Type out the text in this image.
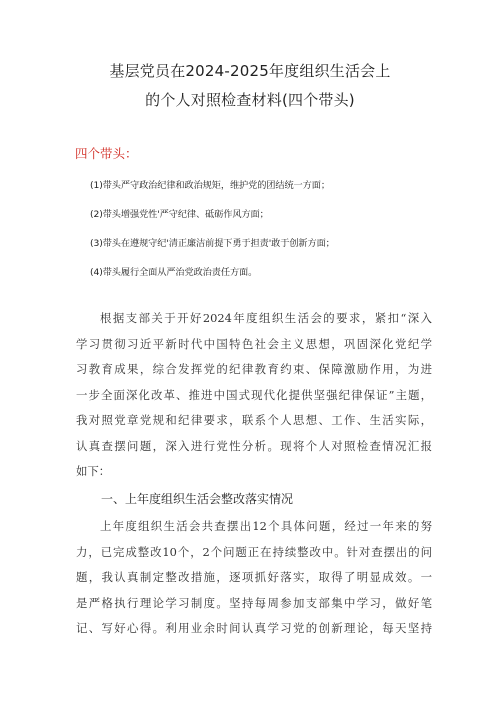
基层党员在2024-2025年度组织生活会上
的个人对照检查材料(四个带头)
四个带头：
(1)带头严守政治纪律和政治规矩，维护党的团结统一方面；
(2)带头增强党性'严守纪律、砥砺作风方面；
(3)带头在遵规守纪'清正廉洁前提下勇于担责'敢于创新方面；
(4)带头履行全面从严治党政治责任方面。
根据支部关于开好2024年度组织生活会的要求，紧扣“深入
学习贯彻习近平新时代中国特色社会主义思想，巩固深化党纪学
习教育成果，综合发挥党的纪律教育约束、保障激励作用，为进
一步全面深化改革、推进中国式现代化提供坚强纪律保证”主题，
我对照党章党规和纪律要求，联系个人思想、工作、生活实际，
认真查摆问题，深入进行党性分析。现将个人对照检查情况汇报
如下：
一、上年度组织生活会整改落实情况
上年度组织生活会共查摆出12个具体问题，经过一年来的努
力，已完成整改10个，2个问题正在持续整改中。针对查摆出的问
题，我认真制定整改措施，逐项抓好落实，取得了明显成效。一
是严格执行理论学习制度。坚持每周参加支部集中学习，做好笔
记、写好心得。利用业余时间认真学习党的创新理论，每天坚持
